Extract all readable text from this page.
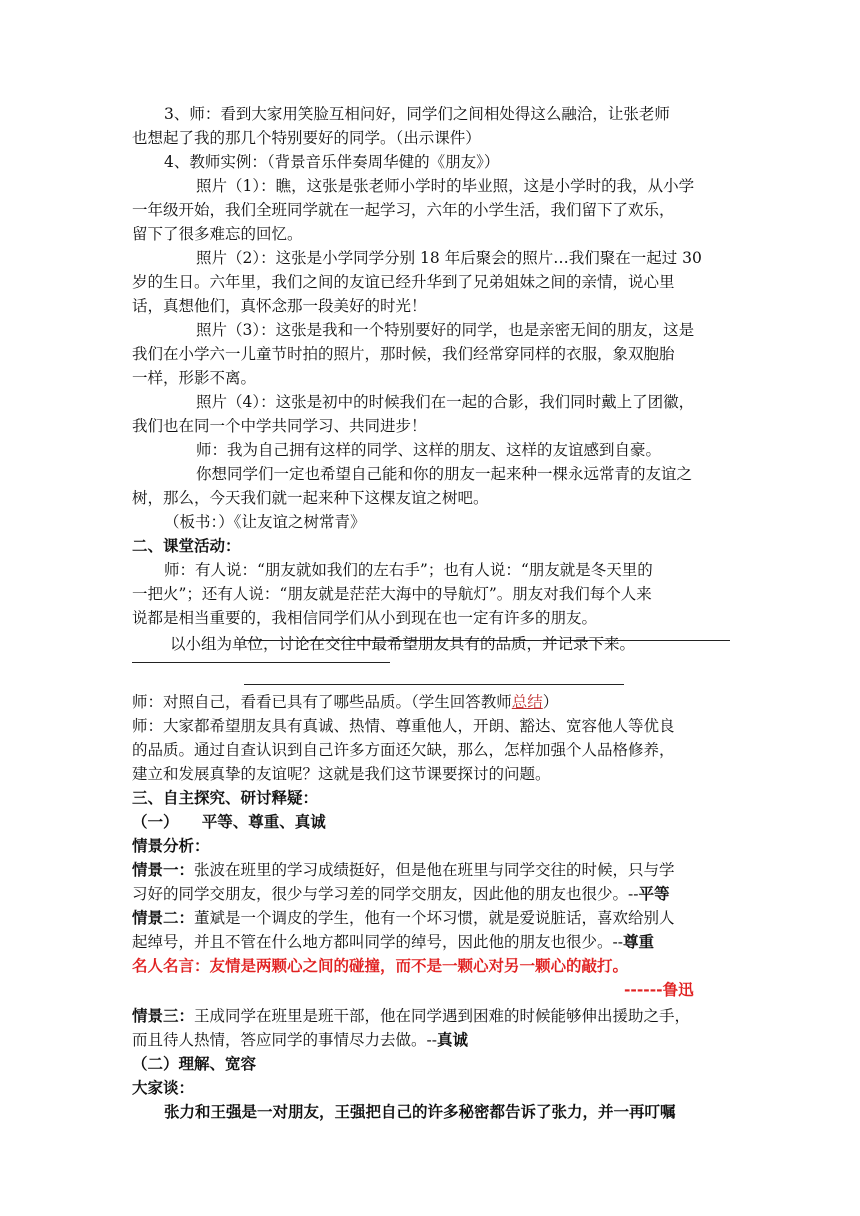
3、师：看到大家用笑脸互相问好，同学们之间相处得这么融洽，让张老师
也想起了我的那几个特别要好的同学。（出示课件）
4、教师实例：（背景音乐伴奏周华健的《朋友》）
照片（1）：瞧，这张是张老师小学时的毕业照，这是小学时的我，从小学
一年级开始，我们全班同学就在一起学习，六年的小学生活，我们留下了欢乐，
留下了很多难忘的回忆。
照片（2）：这张是小学同学分别 18 年后聚会的照片…我们聚在一起过 30
岁的生日。六年里，我们之间的友谊已经升华到了兄弟姐妹之间的亲情，说心里
话，真想他们，真怀念那一段美好的时光！
照片（3）：这张是我和一个特别要好的同学，也是亲密无间的朋友，这是
我们在小学六一儿童节时拍的照片，那时候，我们经常穿同样的衣服，象双胞胎
一样，形影不离。
照片（4）：这张是初中的时候我们在一起的合影，我们同时戴上了团徽，
我们也在同一个中学共同学习、共同进步！
师：我为自己拥有这样的同学、这样的朋友、这样的友谊感到自豪。
你想同学们一定也希望自己能和你的朋友一起来种一棵永远常青的友谊之
树，那么，今天我们就一起来种下这棵友谊之树吧。
（板书：）《让友谊之树常青》
二、课堂活动：
师：有人说：“朋友就如我们的左右手”；也有人说：“朋友就是冬天里的
一把火”；还有人说：“朋友就是茫茫大海中的导航灯”。朋友对我们每个人来
说都是相当重要的，我相信同学们从小到现在也一定有许多的朋友。
以小组为单位，讨论在交往中最希望朋友具有的品质，并记录下来。
师：对照自己，看看已具有了哪些品质。（学生回答教师总结）
师：大家都希望朋友具有真诚、热情、尊重他人，开朗、豁达、宽容他人等优良
的品质。通过自查认识到自己许多方面还欠缺，那么，怎样加强个人品格修养，
建立和发展真挚的友谊呢？这就是我们这节课要探讨的问题。
三、自主探究、研讨释疑：
（一）　　平等、尊重、真诚
情景分析：
情景一：张波在班里的学习成绩挺好，但是他在班里与同学交往的时候，只与学
习好的同学交朋友，很少与学习差的同学交朋友，因此他的朋友也很少。--平等
情景二：董斌是一个调皮的学生，他有一个坏习惯，就是爱说脏话，喜欢给别人
起绰号，并且不管在什么地方都叫同学的绰号，因此他的朋友也很少。--尊重
名人名言：友情是两颗心之间的碰撞，而不是一颗心对另一颗心的敲打。
------鲁迅
情景三：王成同学在班里是班干部，他在同学遇到困难的时候能够伸出援助之手，
而且待人热情，答应同学的事情尽力去做。--真诚
（二）理解、宽容
大家谈：
张力和王强是一对朋友，王强把自己的许多秘密都告诉了张力，并一再叮嘱
